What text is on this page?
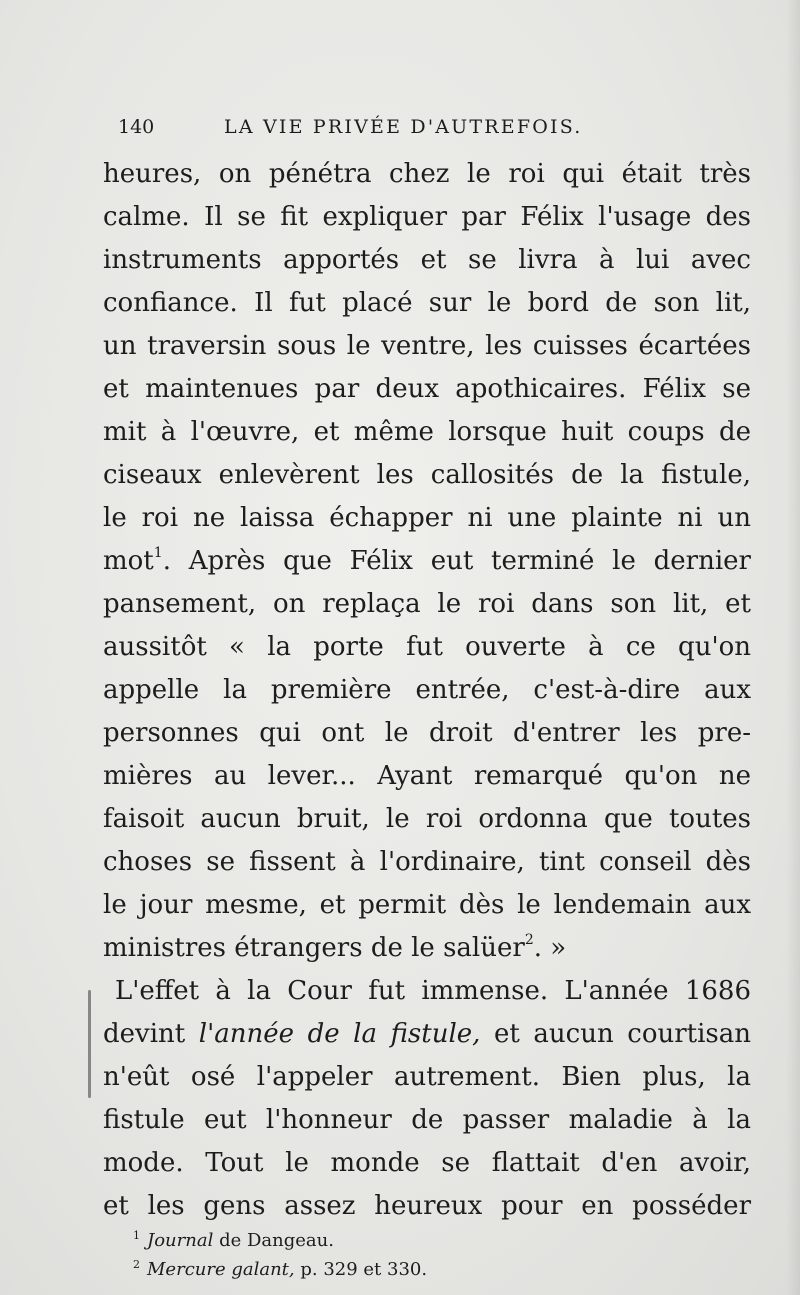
140	LA VIE PRIVÉE D'AUTREFOIS.
heures, on pénétra chez le roi qui était très
calme. Il se fit expliquer par Félix l'usage des
instruments apportés et se livra à lui avec
confiance. Il fut placé sur le bord de son lit,
un traversin sous le ventre, les cuisses écartées
et maintenues par deux apothicaires. Félix se
mit à l'œuvre, et même lorsque huit coups de
ciseaux enlevèrent les callosités de la fistule,
le roi ne laissa échapper ni une plainte ni un
mot$^1$. Après que Félix eut terminé le dernier
pansement, on replaça le roi dans son lit, et
aussitôt « la porte fut ouverte à ce qu'on
appelle la première entrée, c'est-à-dire aux
personnes qui ont le droit d'entrer les pre-
mières au lever... Ayant remarqué qu'on ne
faisoit aucun bruit, le roi ordonna que toutes
choses se fissent à l'ordinaire, tint conseil dès
le jour mesme, et permit dès le lendemain aux
ministres étrangers de le salüer$^2$. »
L'effet à la Cour fut immense. L'année 1686
devint l'année de la fistule, et aucun courtisan
n'eût osé l'appeler autrement. Bien plus, la
fistule eut l'honneur de passer maladie à la
mode. Tout le monde se flattait d'en avoir,
et les gens assez heureux pour en posséder
$^1$ Journal de Dangeau.
$^2$ Mercure galant, p. 329 et 330.
